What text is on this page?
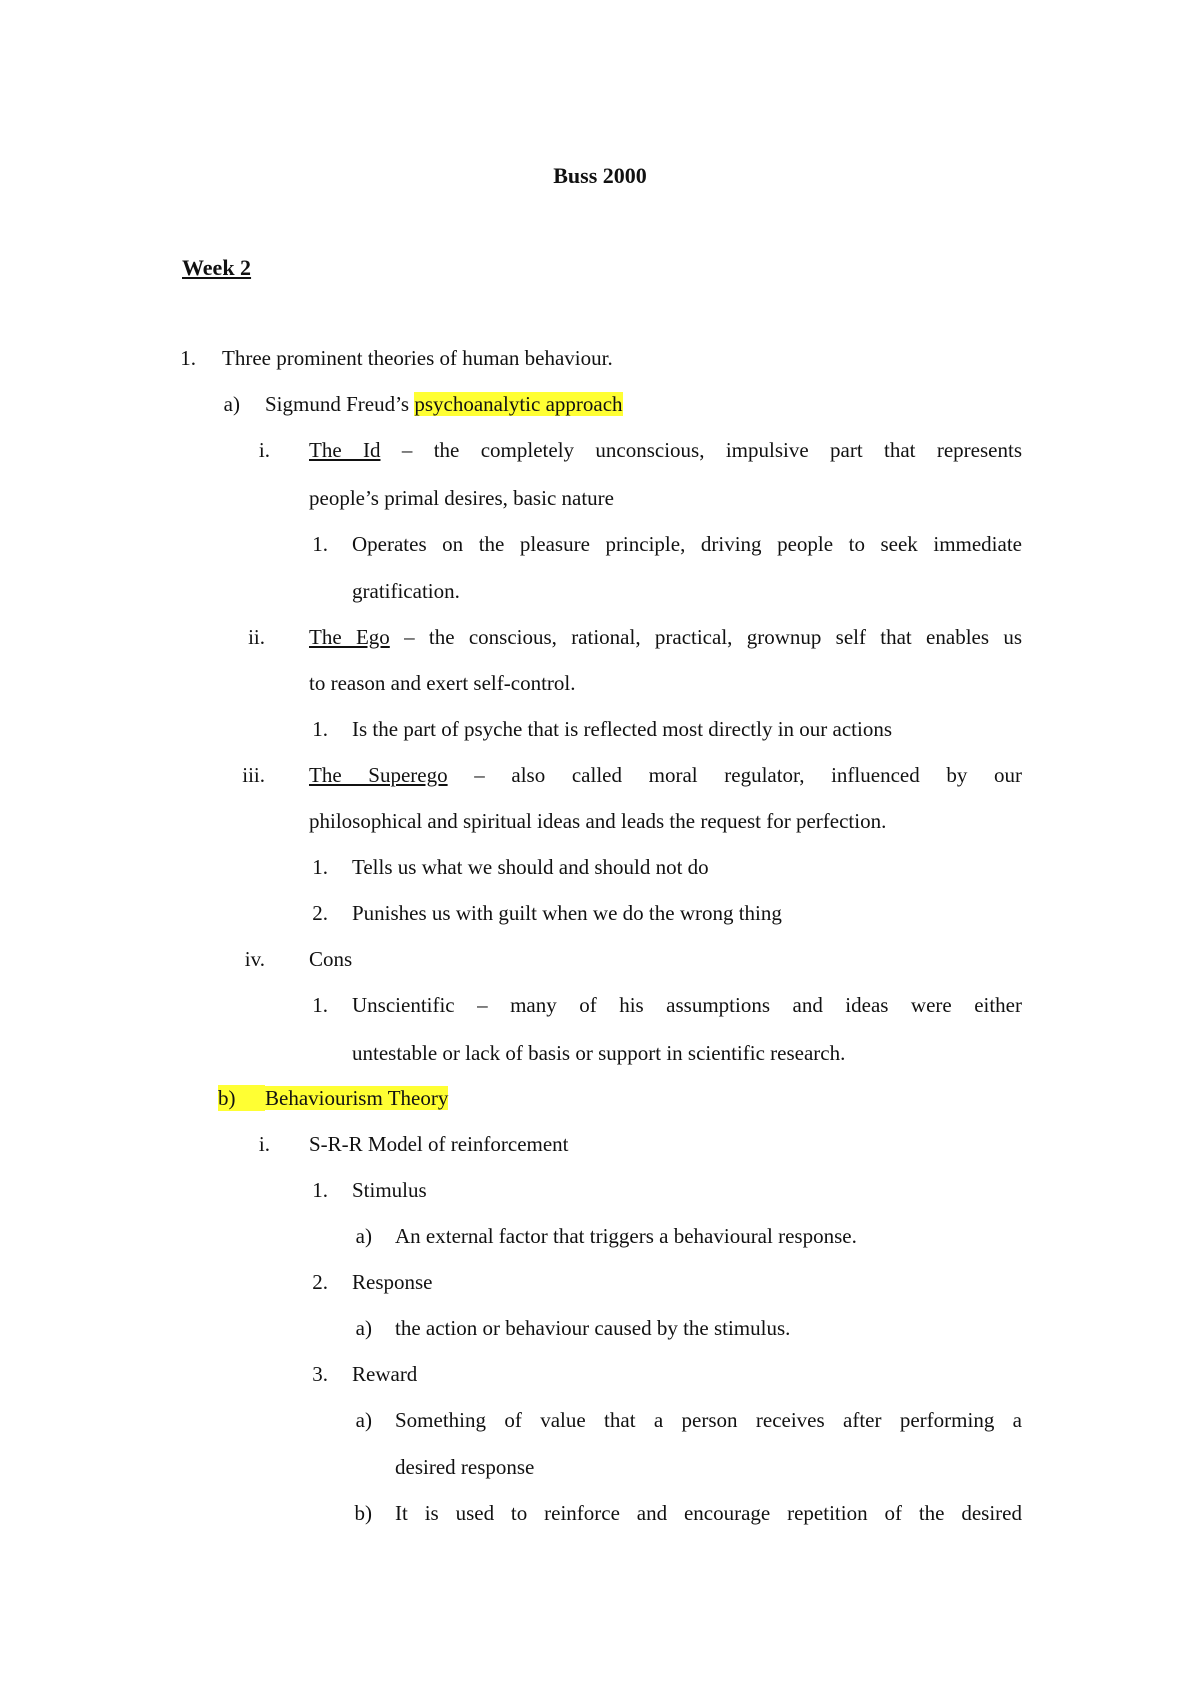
Buss 2000
Week 2
1. Three prominent theories of human behaviour.
a) Sigmund Freud’s psychoanalytic approach
i. The Id – the completely unconscious, impulsive part that represents
people’s primal desires, basic nature
1. Operates on the pleasure principle, driving people to seek immediate
gratification.
ii. The Ego – the conscious, rational, practical, grownup self that enables us
to reason and exert self-control.
1. Is the part of psyche that is reflected most directly in our actions
iii. The Superego – also called moral regulator, influenced by our
philosophical and spiritual ideas and leads the request for perfection.
1. Tells us what we should and should not do
2. Punishes us with guilt when we do the wrong thing
iv. Cons
1. Unscientific – many of his assumptions and ideas were either
untestable or lack of basis or support in scientific research.
b)	Behaviourism Theory
i. S-R-R Model of reinforcement
1. Stimulus
a) An external factor that triggers a behavioural response.
2. Response
a) the action or behaviour caused by the stimulus.
3. Reward
a) Something of value that a person receives after performing a
desired response
b) It is used to reinforce and encourage repetition of the desired
